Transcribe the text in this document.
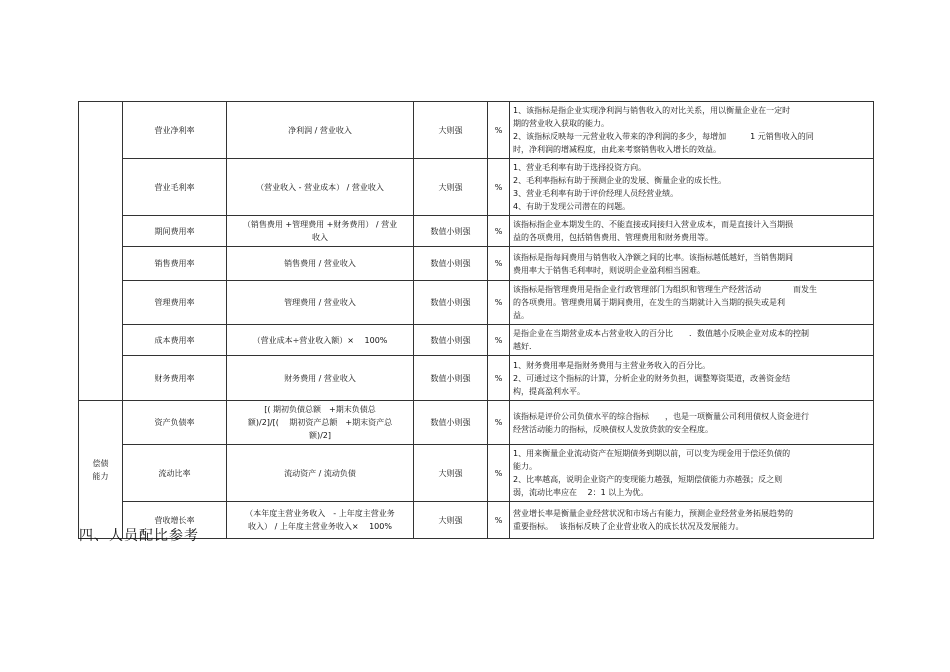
	营业净利率	净利润 / 营业收入	大则强	%	1、该指标是指企业实现净利润与销售收入的对比关系，用以衡量企业在一定时
期的营业收入获取的能力。
2、该指标反映每一元营业收入带来的净利润的多少，每增加　　　1 元销售收入的同
时，净利润的增减程度，由此来考察销售收入增长的效益。

	营业毛利率	（营业收入 - 营业成本） / 营业收入	大则强	%	1、营业毛利率有助于选择投资方向。
2、毛利率指标有助于预测企业的发展、衡量企业的成长性。
3、营业毛利率有助于评价经理人员经营业绩。
4、有助于发现公司潜在的问题。

	期间费用率	（销售费用 +管理费用 +财务费用） / 营业
收入	数值小则强	%	该指标指企业本期发生的、不能直接或间接归入营业成本，而是直接计入当期损
益的各项费用，包括销售费用、管理费用和财务费用等。

	销售费用率	销售费用 / 营业收入	数值小则强	%	该指标是指每间费用与销售收入净额之间的比率。该指标越低越好，当销售期间
费用率大于销售毛利率时，则说明企业盈利相当困难。

	管理费用率	管理费用 / 营业收入	数值小则强	%	该指标是指管理费用是指企业行政管理部门为组织和管理生产经营活动　　　　而发生
的各项费用。管理费用属于期间费用，在发生的当期就计入当期的损失或是利
益。

	成本费用率	（营业成本÷营业收入额）×　 100%	数值小则强	%	是指企业在当期营业成本占营业收入的百分比　　．数值越小反映企业对成本的控制
越好．

	财务费用率	财务费用 / 营业收入	数值小则强	%	1、财务费用率是指财务费用与主营业务收入的百分比。
2、可通过这个指标的计算，分析企业的财务负担，调整筹资渠道，改善资金结
构，提高盈利水平。

偿债能力	资产负债率	[( 期初负债总额　+期末负债总
额)/2]/[(　 期初资产总额　+期末资产总
额)/2]	数值小则强	%	该指标是评价公司负债水平的综合指标　　，也是一项衡量公司利用债权人资金进行
经营活动能力的指标，反映债权人发放贷款的安全程度。

	流动比率	流动资产 / 流动负债	大则强	%	1、用来衡量企业流动资产在短期债务到期以前，可以变为现金用于偿还负债的
能力。
2、比率越高，说明企业资产的变现能力越强，短期偿债能力亦越强；反之则
弱，流动比率应在　 2：1 以上为优。

	营收增长率	（本年度主营业务收入　- 上年度主营业务
收入） / 上年度主营业务收入×　 100%	大则强	%	营业增长率是衡量企业经营状况和市场占有能力，预测企业经营业务拓展趋势的
重要指标。　 该指标反映了企业营业收入的成长状况及发展能力。
四、人员配比参考
